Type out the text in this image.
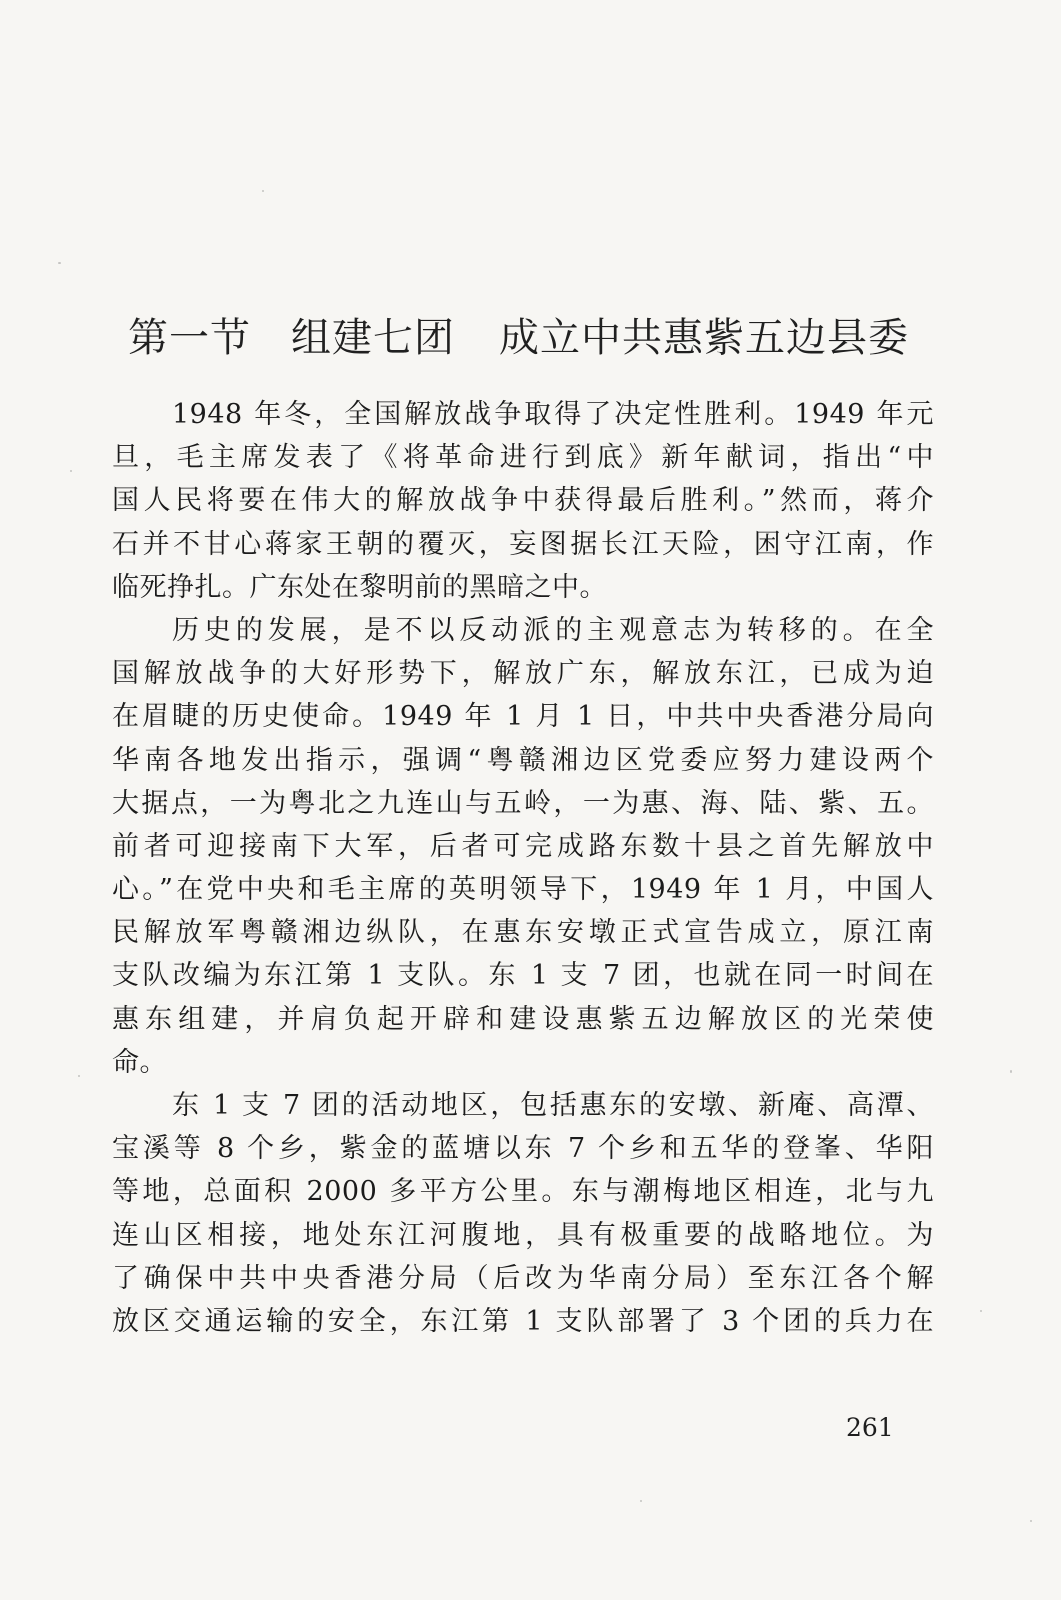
第一节 组建七团 成立中共惠紫五边县委
1948 年冬，全国解放战争取得了决定性胜利。1949 年元
旦，毛主席发表了《将革命进行到底》新年献词，指出“中
国人民将要在伟大的解放战争中获得最后胜利。”然而，蒋介
石并不甘心蒋家王朝的覆灭，妄图据长江天险，困守江南，作
临死挣扎。广东处在黎明前的黑暗之中。
历史的发展，是不以反动派的主观意志为转移的。在全
国解放战争的大好形势下，解放广东，解放东江，已成为迫
在眉睫的历史使命。1949 年 1 月 1 日，中共中央香港分局向
华南各地发出指示，强调“粤赣湘边区党委应努力建设两个
大据点，一为粤北之九连山与五岭，一为惠、海、陆、紫、五。
前者可迎接南下大军，后者可完成路东数十县之首先解放中
心。”在党中央和毛主席的英明领导下，1949 年 1 月，中国人
民解放军粤赣湘边纵队，在惠东安墩正式宣告成立，原江南
支队改编为东江第 1 支队。东 1 支 7 团，也就在同一时间在
惠东组建，并肩负起开辟和建设惠紫五边解放区的光荣使
命。
东 1 支 7 团的活动地区，包括惠东的安墩、新庵、高潭、
宝溪等 8 个乡，紫金的蓝塘以东 7 个乡和五华的登峯、华阳
等地，总面积 2000 多平方公里。东与潮梅地区相连，北与九
连山区相接，地处东江河腹地，具有极重要的战略地位。为
了确保中共中央香港分局（后改为华南分局）至东江各个解
放区交通运输的安全，东江第 1 支队部署了 3 个团的兵力在
261
